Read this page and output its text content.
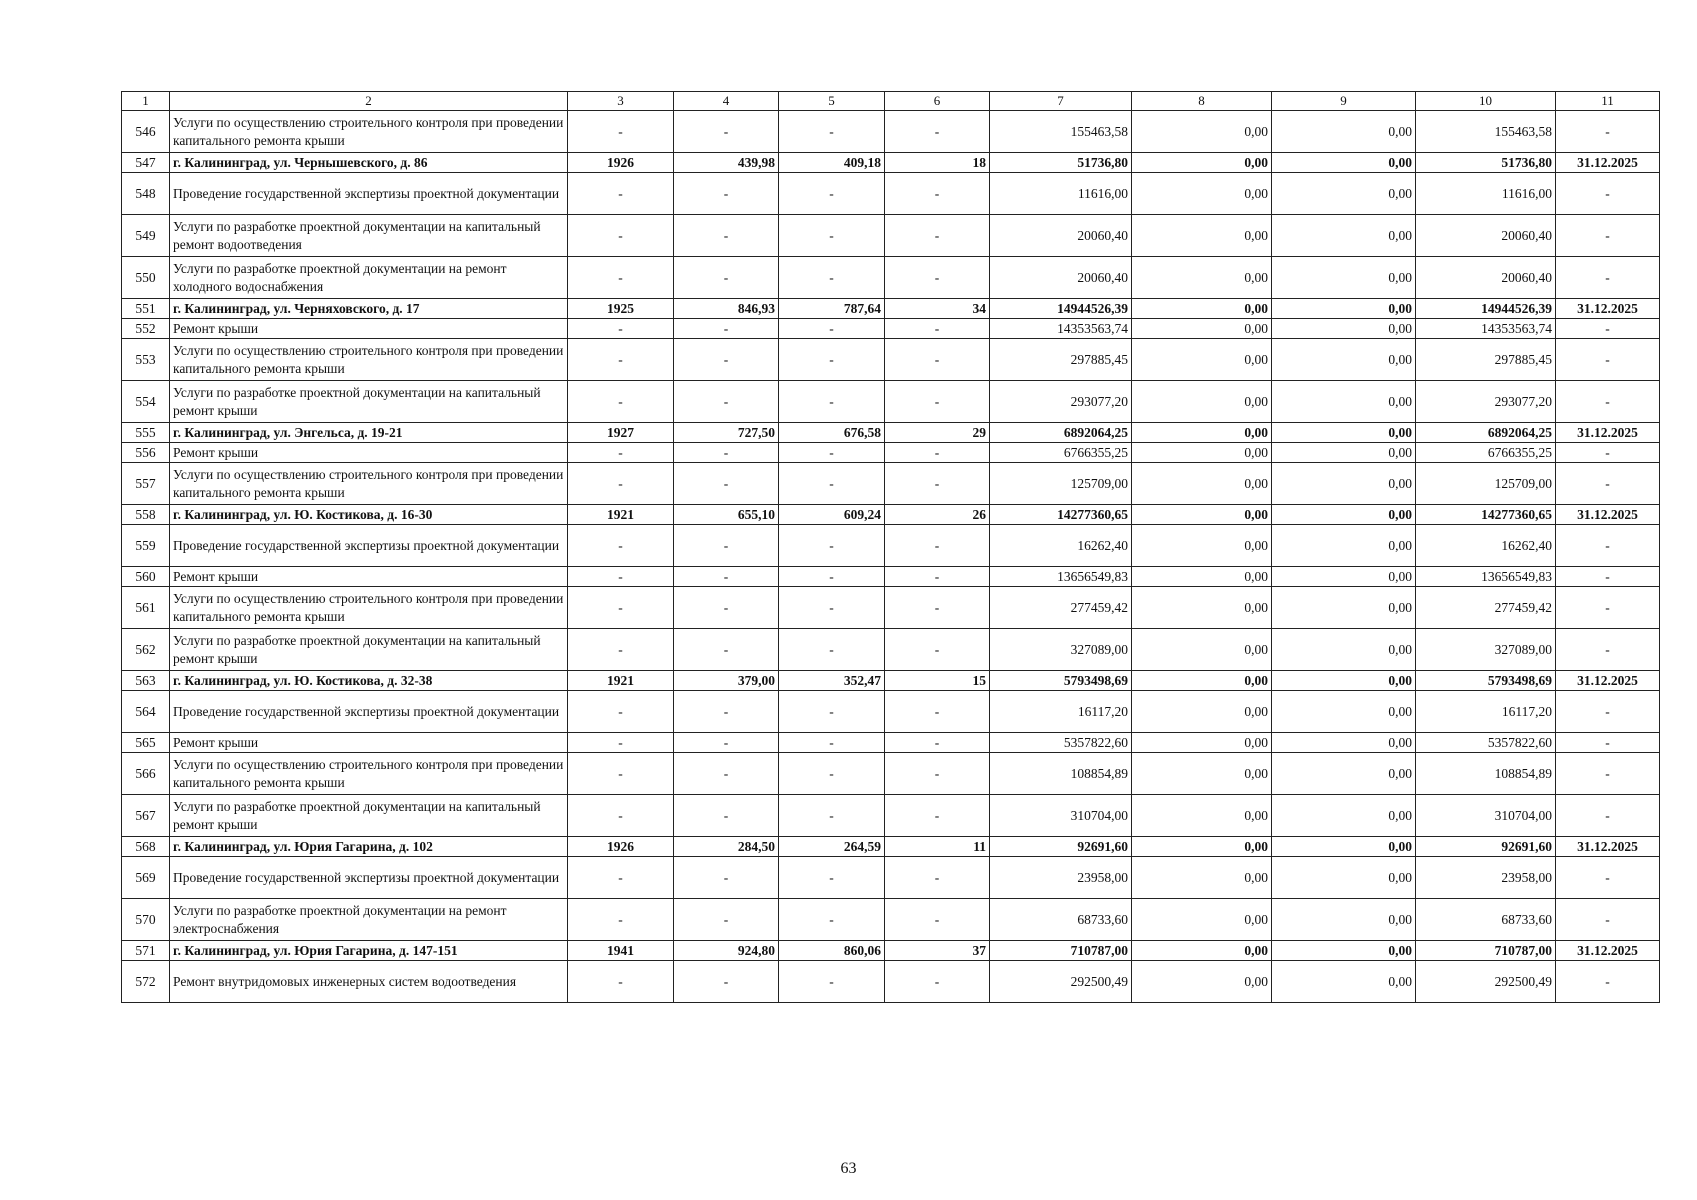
1	2	3	4	5	6	7	8	9	10	11
546	Услуги по осуществлению строительного контроля при проведении капитального ремонта крыши	-	-	-	-	155463,58	0,00	0,00	155463,58	-
547	г. Калининград, ул. Чернышевского, д. 86	1926	439,98	409,18	18	51736,80	0,00	0,00	51736,80	31.12.2025
548	Проведение государственной экспертизы проектной документации	-	-	-	-	11616,00	0,00	0,00	11616,00	-
549	Услуги по разработке проектной документации на капитальный ремонт водоотведения	-	-	-	-	20060,40	0,00	0,00	20060,40	-
550	Услуги по разработке проектной документации на ремонт холодного водоснабжения	-	-	-	-	20060,40	0,00	0,00	20060,40	-
551	г. Калининград, ул. Черняховского, д. 17	1925	846,93	787,64	34	14944526,39	0,00	0,00	14944526,39	31.12.2025
552	Ремонт крыши	-	-	-	-	14353563,74	0,00	0,00	14353563,74	-
553	Услуги по осуществлению строительного контроля при проведении капитального ремонта крыши	-	-	-	-	297885,45	0,00	0,00	297885,45	-
554	Услуги по разработке проектной документации на капитальный ремонт крыши	-	-	-	-	293077,20	0,00	0,00	293077,20	-
555	г. Калининград, ул. Энгельса, д. 19-21	1927	727,50	676,58	29	6892064,25	0,00	0,00	6892064,25	31.12.2025
556	Ремонт крыши	-	-	-	-	6766355,25	0,00	0,00	6766355,25	-
557	Услуги по осуществлению строительного контроля при проведении капитального ремонта крыши	-	-	-	-	125709,00	0,00	0,00	125709,00	-
558	г. Калининград, ул. Ю. Костикова, д. 16-30	1921	655,10	609,24	26	14277360,65	0,00	0,00	14277360,65	31.12.2025
559	Проведение государственной экспертизы проектной документации	-	-	-	-	16262,40	0,00	0,00	16262,40	-
560	Ремонт крыши	-	-	-	-	13656549,83	0,00	0,00	13656549,83	-
561	Услуги по осуществлению строительного контроля при проведении капитального ремонта крыши	-	-	-	-	277459,42	0,00	0,00	277459,42	-
562	Услуги по разработке проектной документации на капитальный ремонт крыши	-	-	-	-	327089,00	0,00	0,00	327089,00	-
563	г. Калининград, ул. Ю. Костикова, д. 32-38	1921	379,00	352,47	15	5793498,69	0,00	0,00	5793498,69	31.12.2025
564	Проведение государственной экспертизы проектной документации	-	-	-	-	16117,20	0,00	0,00	16117,20	-
565	Ремонт крыши	-	-	-	-	5357822,60	0,00	0,00	5357822,60	-
566	Услуги по осуществлению строительного контроля при проведении капитального ремонта крыши	-	-	-	-	108854,89	0,00	0,00	108854,89	-
567	Услуги по разработке проектной документации на капитальный ремонт крыши	-	-	-	-	310704,00	0,00	0,00	310704,00	-
568	г. Калининград, ул. Юрия Гагарина, д. 102	1926	284,50	264,59	11	92691,60	0,00	0,00	92691,60	31.12.2025
569	Проведение государственной экспертизы проектной документации	-	-	-	-	23958,00	0,00	0,00	23958,00	-
570	Услуги по разработке проектной документации на ремонт электроснабжения	-	-	-	-	68733,60	0,00	0,00	68733,60	-
571	г. Калининград, ул. Юрия Гагарина, д. 147-151	1941	924,80	860,06	37	710787,00	0,00	0,00	710787,00	31.12.2025
572	Ремонт внутридомовых инженерных систем водоотведения	-	-	-	-	292500,49	0,00	0,00	292500,49	-
63
